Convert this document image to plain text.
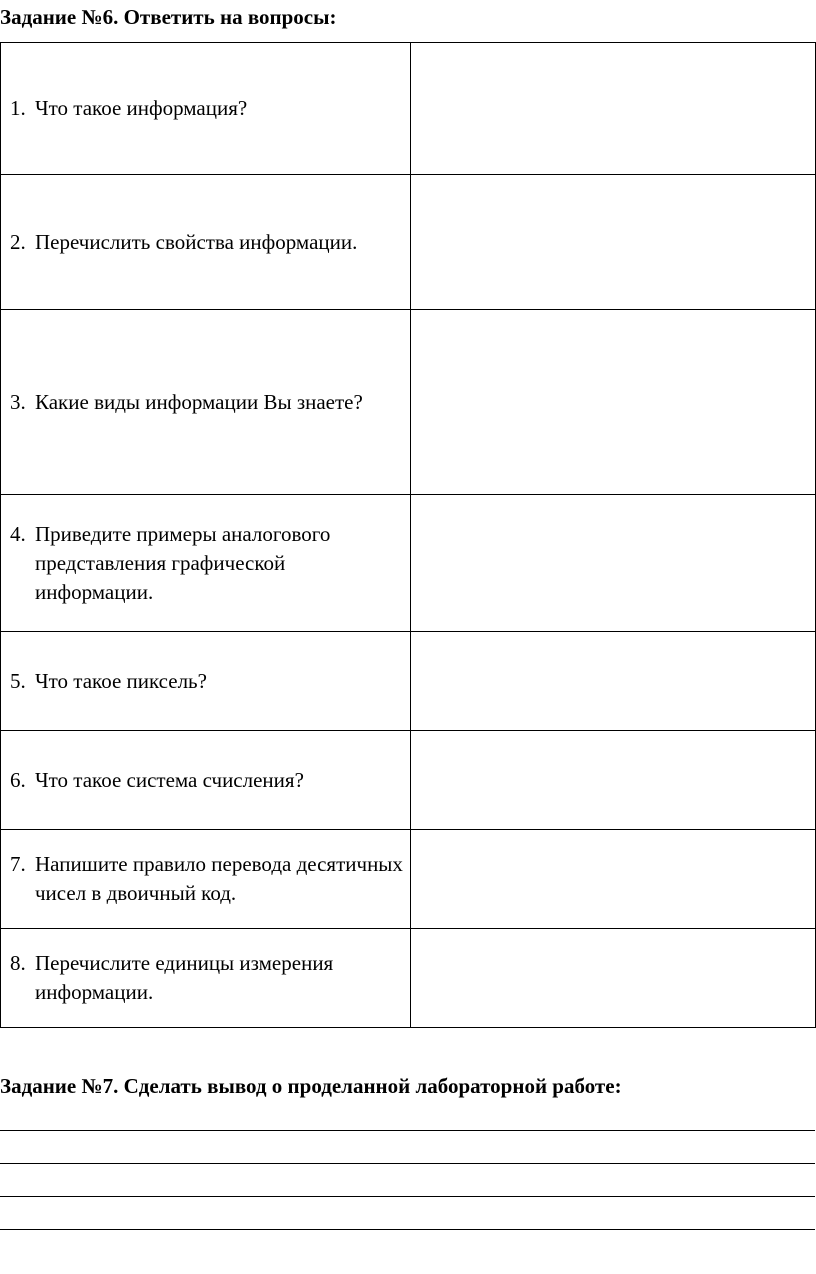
Задание №6. Ответить на вопросы:
1. Что такое информация?	

2. Перечислить свойства информации.	

3. Какие виды информации Вы знаете?	

4. Приведите примеры аналогового представления графической информации.	

5. Что такое пиксель?	

6. Что такое система счисления?	

7. Напишите правило перевода десятичных чисел в двоичный код.	

8. Перечислите единицы измерения информации.	

Задание №7. Сделать вывод о проделанной лабораторной работе:
